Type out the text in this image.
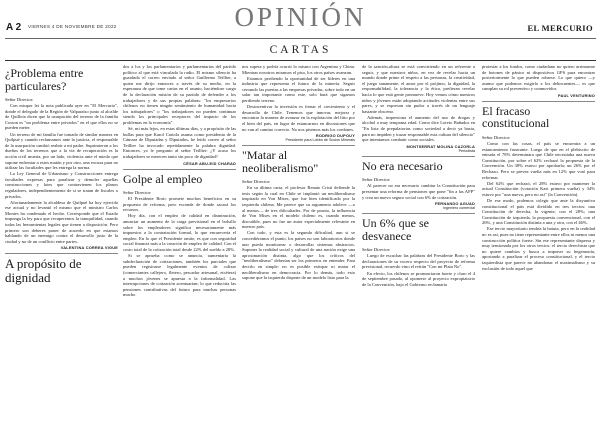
A 2 VIERNES 4 DE NOVIEMBRE DE 2022	OPINIÓN	EL MERCURIO
CARTAS
¿Problema entre particulares?
Señor Director:

Con estupor lei la nota publicada ayer en "El Mercurio", donde el delegado de la Región de Valparaíso junto al alcalde de Quillota dicen que la usurpación del terreno de la familia Coston es "un problema entre privados" en el que ellos no se pueden meter.

Un terreno de mi familia fue tomado de similar manera en Quilpué y cuando reclamamos ante la justicia, el responsable de la usurpación cambió reabrir a mi padre. Suprimieron a los dueños de los terrenos que a la vía de recuperación es la acción civil muerta, por un lado, violencia ante el miedo que supone enfrentar a estos matón y por otro, una excusa para no utilizar las facultades que les entrega la norma.

La Ley General de Urbanismo y Construcciones entrega facultades expresas para paralizar y demoler aquellas construcciones y lotes que contravienen los planos reguladores, independientemente de si se tratan de fiscales o privados.

Afortunadamente la alcaldesa de Quilpué ha hoy ejercido ese actual y no levantó el mismo que el ministro Carlos Montes ha condenado el hecho. Corresponde que el Estado imponga la ley para que recuperemos la tranquilidad, cuando todas las herramientas legales que tienen a disposición. Pero primero son deberes poner de acuerdo en que estamos hablando de un enemigo contra el desarrollo justo de la ciudad y no de un conflicto entre partes.

VALENTINA CORREA VIGUE
A propósito de dignidad

dos a los y los parlamentarios y parlamentarias del partido político al que está vinculada la radio. El mismo silencio ha guardado el correo enviado al señor Guillermo Teillier, a quien me dirijo entonces a través de su medio, en la esperanza de que tome cartas en el asunto, haciéndose cargo de la declaración misión de su partido de defender a los trabajadores y de sus propias palabras: "los empresarios chilenos no tienen ningún sentimiento de humanidad hacia los trabajadores" o "los trabajadores no pueden continuar siendo los principales receptores del impacto de los problemas en la economía".

Sé, mi más lejos, en estas últimas días, y a propósito de las bullas para que Karol Cariola asuma como presidenta de la Cámara de Diputadas y Diputados, he leído correo al señor Teillier ha invocado repetidamente la palabra dignidad. Entonces, yo le pregunto al señor Teillier: ¿Y acaso los trabajadores se merecen tanto sin poco de dignidad?

CÉSAR ABU-EID CHARAD
Golpe al empleo
Señor Director:

El Presidente Boric promete muchos beneficios en su propuesta de reforma, pero esconde de donde sacará los recursos.

Hoy día, con el empleo de calidad en disminución, anunciar un aumento de la carga previsional en el bolsillo sobre los empleadores significa necesariamente más impuestos a la contratación formal, lo que encarecería el empleo. En lo que el Presidente omite, es que con seguridad social financia más a la creación de empleo de calidad. Con el costo total de la cotización total desde 22% del sueldo a 28%.

Si se aprueba como se anuncia, aumentaría la subdeclaración de cotizaciones, también los parciales que pueden registrarse legalmente eventos de colizar (comerciantes callejero, fletero, pescador artesanal, etcétera) a muchos jóvenes se apuesta a la informalidad. Las interrupciones de cotización acentuarían; lo que reduciría las pensiones contributivas del futuro para muchas personas mucho

nos supera y podría ocurrir lo mismo con Argentina y China. Mientras nosotros miramos el piso, los otros países avanzan.

Estamos perdiendo la oportunidad de ser líderes en una industria que representa el futuro de la minería. Seguir cerrando las puertas a las empresas privadas, sobre todo en un salar tan importante como este, solo hará que sigamos perdiendo terreno.

Desincentivar la inversión es frenar el crecimiento y el desarrollo de Chile. Tenemos que innovar, mejorar y encontrar la manera de avanzar en la explotación del litio por el bien del país, en lugar de estancarnos en discusiones que no van al camino correcto. No nos pisemos más los cordones.

RODRIGO DUPOUY
Presidente para Lobbo de Socios Minerals
"Matar al neoliberalismo"
Señor Director:

En su última carta, el profesor Renato Cristi defiende la tesis según la cual en Chile se implantó un neoliberalismo inspirado en Von Mises, que fue bien identificado por la izquierda chilena. Me parece que su argumento adolece —o al menos— de tres dificultades. Por de pronto, la influencia de Von Mises en el modelo chileno es, cuando menos, discutible, pues no fue un autor especialmente relevante en nuestro país.

Con todo, y esta es la segunda dificultad, aun si se concediéramos el punto, los países no son laboratorios donde uno pueda monitorear o desarrollar sistemas abstractos. Suponer la realidad social y cultural de una nación exige una aproximación distinta, algo que los críticos del "neoliberalismo" deberían ser los primeros en entender. Para decirlo en simple: no es posible extirpar ni matar el neoliberalismo en democracia. Por lo demás, todo esto supone que la izquierda dispone de un modelo listo para la

de la sanción,ultura se está convirtiendo en un referente a seguir, y que nuestros niños, en vez de revelar hacia un mundo donde prime el respeto a las personas, la creatividad, el juego sanamente, el amor por el prójimo, la dignidad, la responsabilidad, la tolerancia y la ética, prefieran revelar hacia lo que está gente promueve. Hoy vemos cómo nuestros niños y jóvenes están adoptando actitudes violentas entre sus pares, y se expresan sin pudor a través de un lenguaje bastante obsceno.

Además, impresiona el aumento del uso de drogas y alcohol a muy temprana edad. Como dice Loreto Bañados en "En lista de prepalatorias como sociedad a decir ya basta, para no impiden y trazar responsable esta cultura del silencio" que intentamos combatir como sociales.

MONTSERRAT MOLINA CAZORLA
Periodista
No era necesario
Señor Director:

Al parecer no era necesario cambiar la Constitución para presentar una reforma de pensiones que pone "fin a las AFP" y crea un nuevo seguro social con 6% de cotización.

FERNANDO AGUAD
Ingeniero comercial
Un 6% que se desvanece
Señor Director:

Luego de escuchar las palabras del Presidente Boric y las declaraciones de su vocero respecto del proyecto de reforma previsional, recuerdo vino el refrán "Con mi Plata No".

En efecto, los chilenos se pronunciaron fuerte y claro el 4 de septiembre pasado, al oponerse al proyecto expropiatorio de la Convención, bajo el Gobierno reclamaría

protestar a los fondos, como ciudadano no quiero arrimarme de botones de pánico ni dispositivos GPS para encontrar posteriormente lo que pueden robarse. Lo que quiero —y asumo que podemos exigirlo a los delincuentes— es que cumplan su rol preventivo y conmovidor.

PAUL VENTURINO
El fracaso constitucional
Señor Director:

Como con las cosas, el país se encuentra a un estancamiento frustrante. Luego de que en el plebiscito de entrada el 78% determinara que Chile necesitaba una nueva Constitución, por sobre el 62% rechazó la propuesta de la Convención. Un 38% estuvo por aprobarla; un 26% por el Rechazo. Pero se prevea vuelta más en 12% que votó para reformar.

Del 62% que rechazó, el 28% estuvo por mantener la actual Constitución (votación Kast primera vuelta) y 34% estuvo por "una nueva, pero no así" (la Convención).

De ese modo, podemos colegir que ante la disyuntiva constitucional el país está dividido en tres tercios: una Constitución de derecha, la vigente, con el 28%; una Constitución de izquierda, la propuesta convencional, con el 26%, y una Constitución distinta a una y otra, con el 46%.

Ese tercio mayoritario tendría la batuta, pero en la realidad no es así, pues no tiene representante entre ellos ni menos una construcción política fuerte. Sin ese representante dispersa y muy tensionada por los otros tercios: el tercio derechista que no quiere cambios y busca a imponer su hegemonía, apostando a paralizar el proceso constitucional, y el tercio izquierdista que parece no abandonar el maximalismo y su exclusión de todo aquel que
